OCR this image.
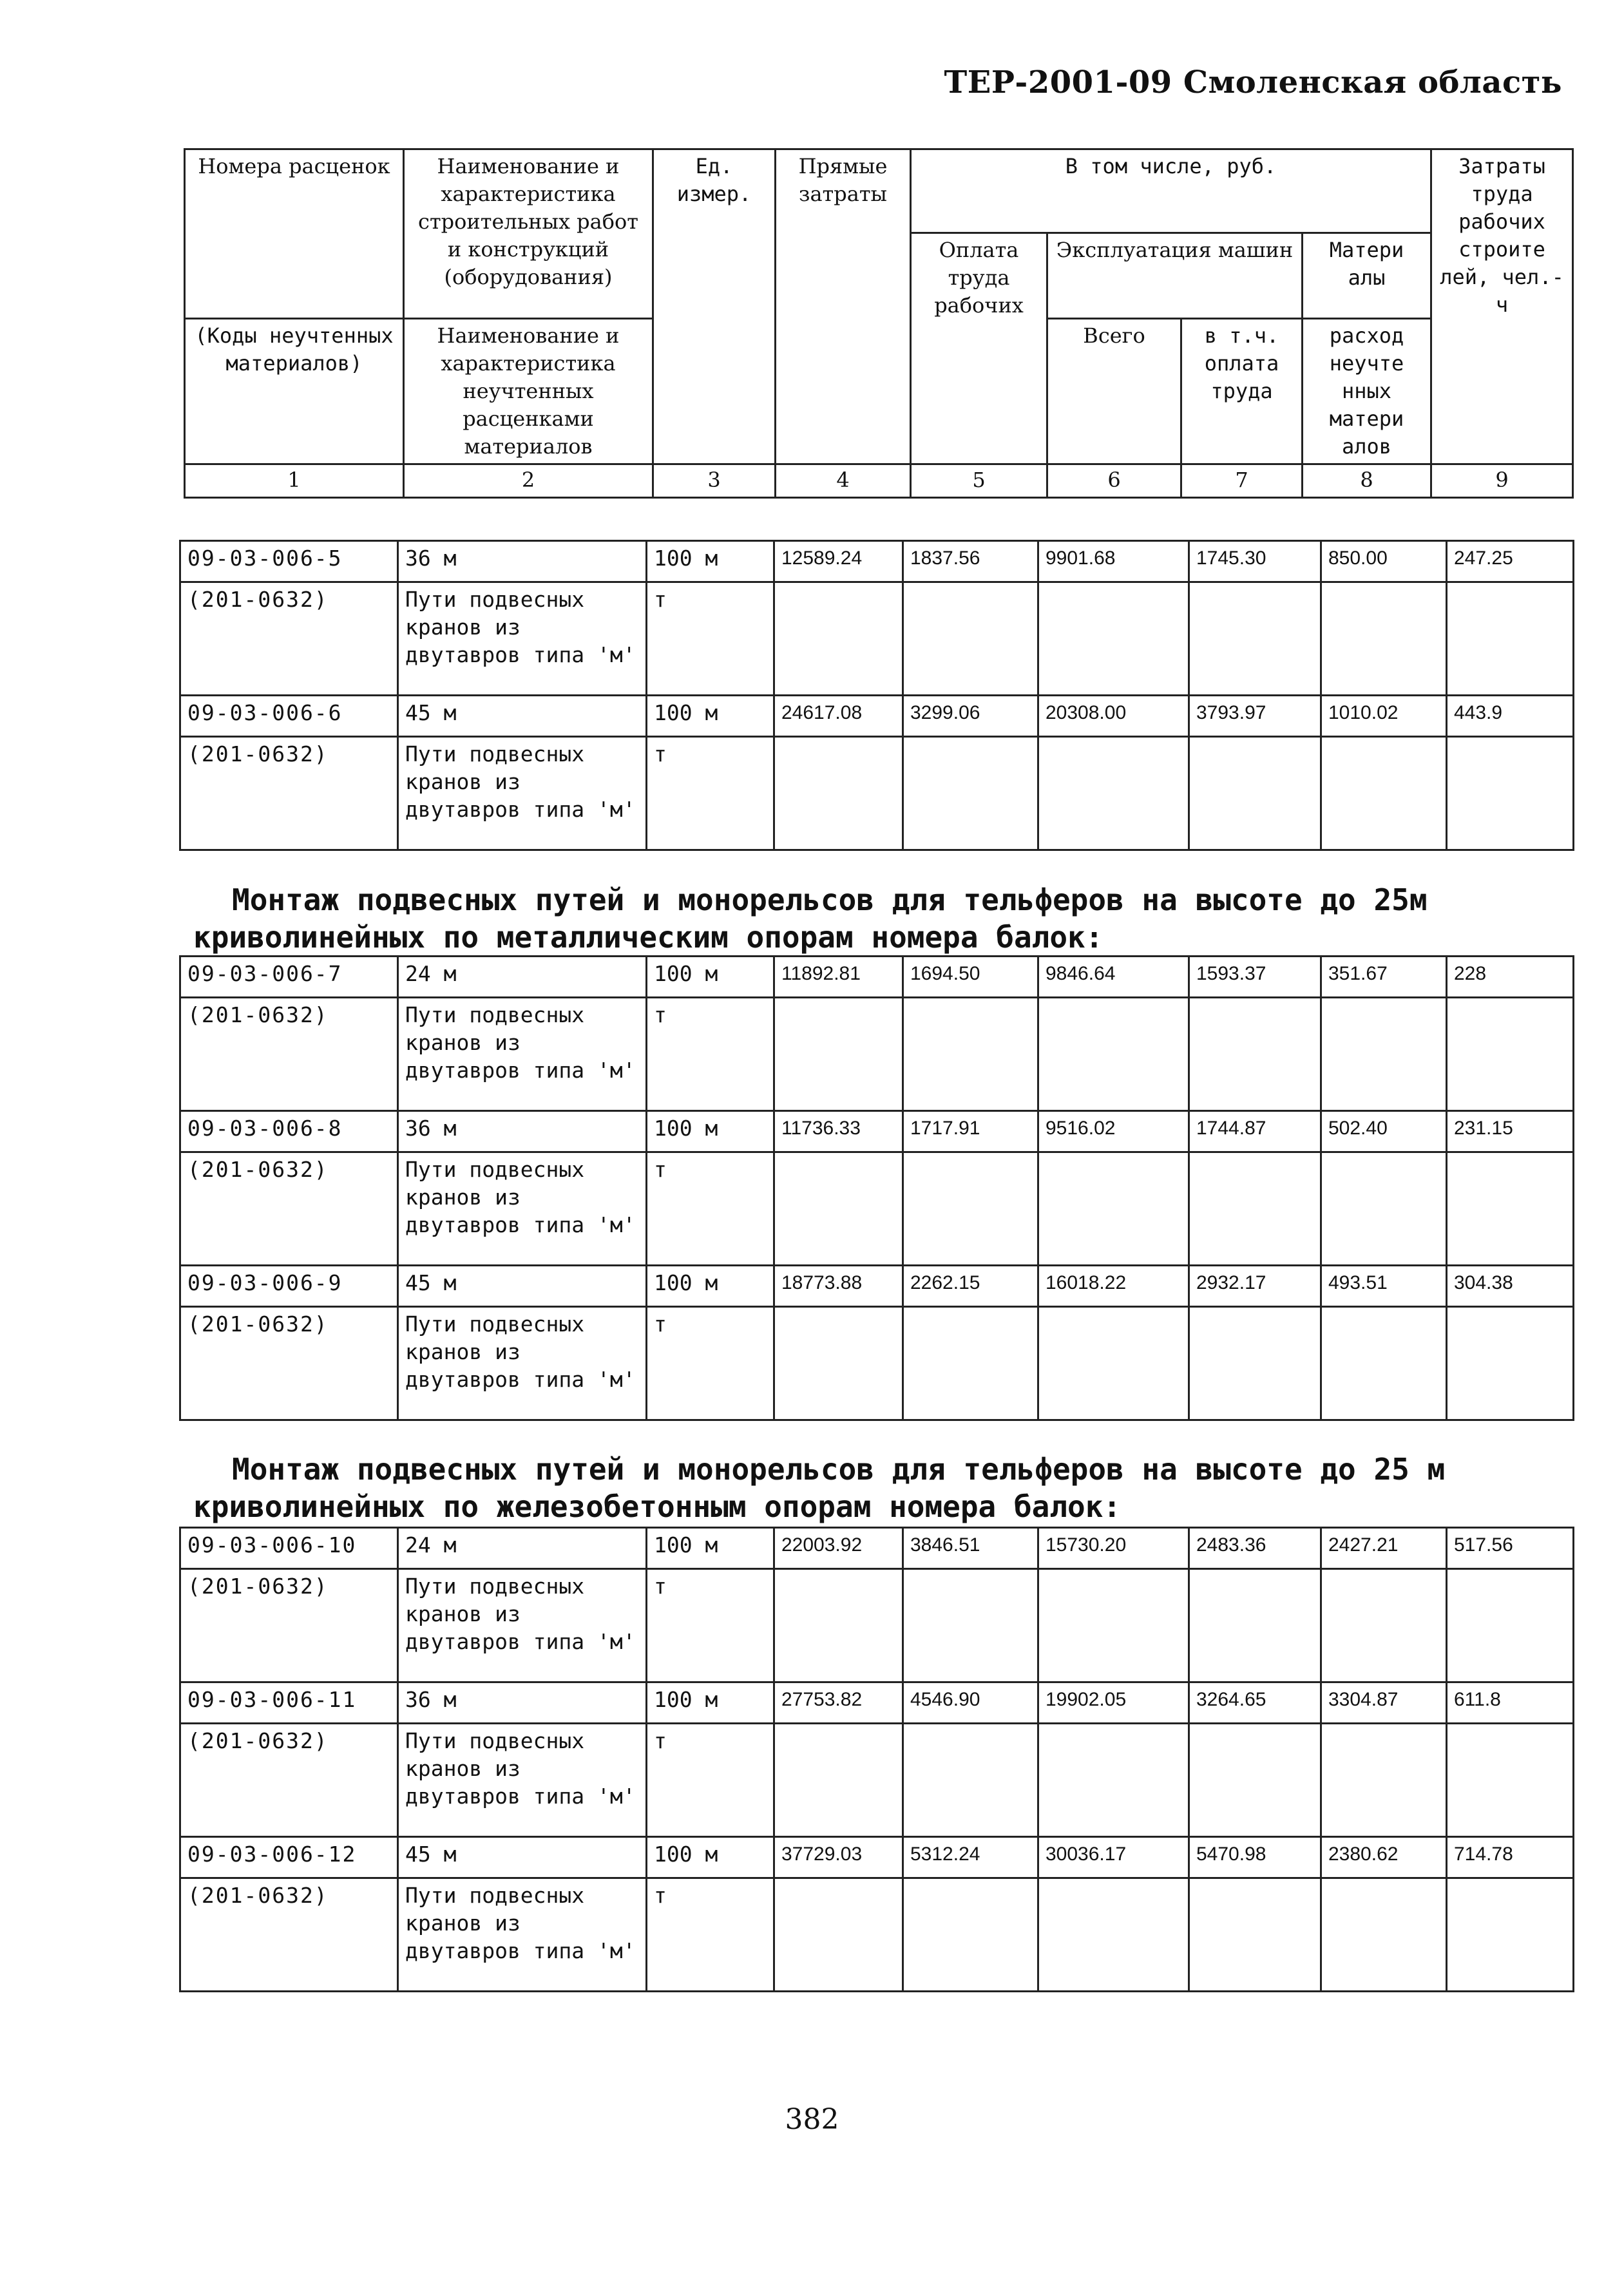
ТЕР-2001-09 Смоленская область
Номера расценок	Наименование и характеристика строительных работ и конструкций (оборудования)	Ед. измер.	Прямые затраты	В том числе, руб.				Затраты труда рабочих строите лей, чел.-ч
				Оплата труда рабочих	Эксплуатация машин		Матери алы	
(Коды неучтенных материалов)	Наименование и характеристика неучтенных расценками материалов				Всего	в т.ч. оплата труда	расход неучте нных матери алов	
1	2	3	4	5	6	7	8	9
09-03-006-5	36 м	100 м	12589.24	1837.56	9901.68	1745.30	850.00	247.25
(201-0632)	Пути подвесных кранов из двутавров типа 'м'	т						
09-03-006-6	45 м	100 м	24617.08	3299.06	20308.00	3793.97	1010.02	443.9
(201-0632)	Пути подвесных кранов из двутавров типа 'м'	т						
Монтаж подвесных путей и монорельсов для тельферов на высоте до 25м криволинейных по металлическим опорам номера балок:
09-03-006-7	24 м	100 м	11892.81	1694.50	9846.64	1593.37	351.67	228
(201-0632)	Пути подвесных кранов из двутавров типа 'м'	т						
09-03-006-8	36 м	100 м	11736.33	1717.91	9516.02	1744.87	502.40	231.15
(201-0632)	Пути подвесных кранов из двутавров типа 'м'	т						
09-03-006-9	45 м	100 м	18773.88	2262.15	16018.22	2932.17	493.51	304.38
(201-0632)	Пути подвесных кранов из двутавров типа 'м'	т						
Монтаж подвесных путей и монорельсов для тельферов на высоте до 25 м криволинейных по железобетонным опорам номера балок:
09-03-006-10	24 м	100 м	22003.92	3846.51	15730.20	2483.36	2427.21	517.56
(201-0632)	Пути подвесных кранов из двутавров типа 'м'	т						
09-03-006-11	36 м	100 м	27753.82	4546.90	19902.05	3264.65	3304.87	611.8
(201-0632)	Пути подвесных кранов из двутавров типа 'м'	т						
09-03-006-12	45 м	100 м	37729.03	5312.24	30036.17	5470.98	2380.62	714.78
(201-0632)	Пути подвесных кранов из двутавров типа 'м'	т						
382
